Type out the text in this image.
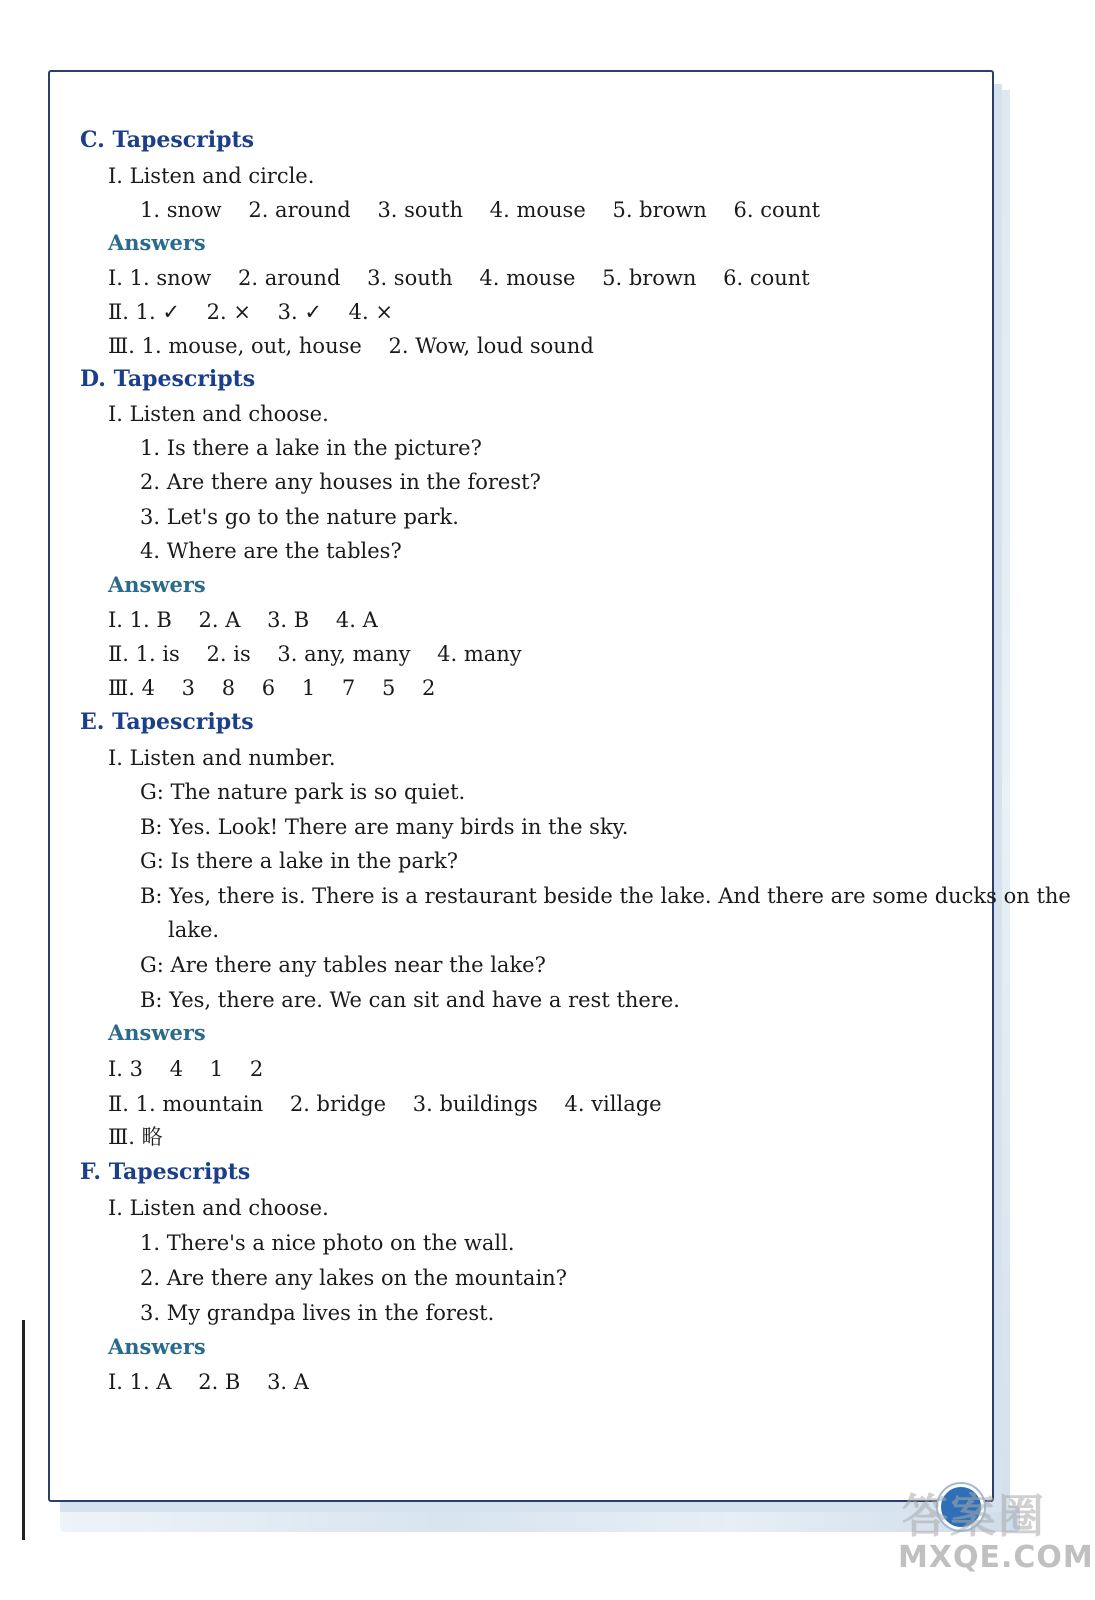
C. Tapescripts
Ⅰ. Listen and circle.
1. snow    2. around    3. south    4. mouse    5. brown    6. count
Answers
Ⅰ. 1. snow    2. around    3. south    4. mouse    5. brown    6. count
Ⅱ. 1. ✓    2. ×    3. ✓    4. ×
Ⅲ. 1. mouse, out, house    2. Wow, loud sound
D. Tapescripts
Ⅰ. Listen and choose.
1. Is there a lake in the picture?
2. Are there any houses in the forest?
3. Let's go to the nature park.
4. Where are the tables?
Answers
Ⅰ. 1. B    2. A    3. B    4. A
Ⅱ. 1. is    2. is    3. any, many    4. many
Ⅲ. 4    3    8    6    1    7    5    2
E. Tapescripts
Ⅰ. Listen and number.
G: The nature park is so quiet.
B: Yes. Look! There are many birds in the sky.
G: Is there a lake in the park?
B: Yes, there is. There is a restaurant beside the lake. And there are some ducks on the
lake.
G: Are there any tables near the lake?
B: Yes, there are. We can sit and have a rest there.
Answers
Ⅰ. 3    4    1    2
Ⅱ. 1. mountain    2. bridge    3. buildings    4. village
Ⅲ. 略
F. Tapescripts
Ⅰ. Listen and choose.
1. There's a nice photo on the wall.
2. Are there any lakes on the mountain?
3. My grandpa lives in the forest.
Answers
Ⅰ. 1. A    2. B    3. A
答案圈
MXQE.COM
